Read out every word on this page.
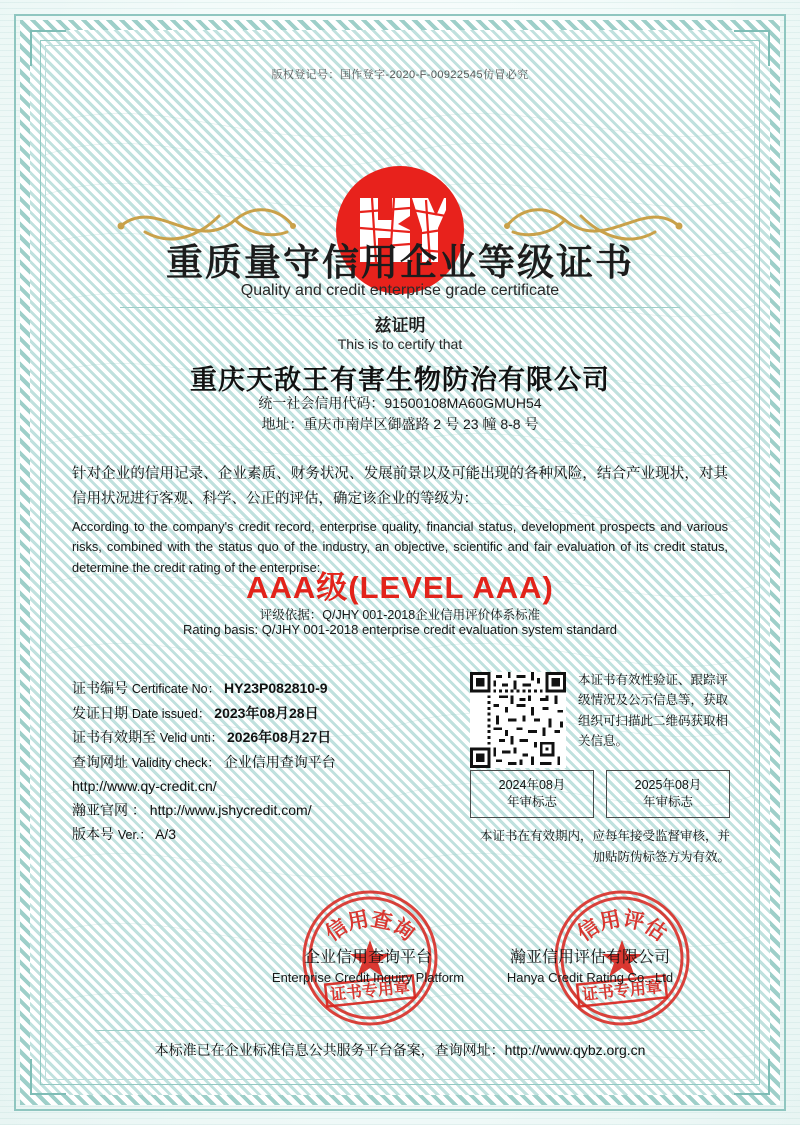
版权登记号：国作登字-2020-F-00922545仿冒必究
重质量守信用企业等级证书
Quality and credit enterprise grade certificate
兹证明
This is to certify that
重庆天敌王有害生物防治有限公司
统一社会信用代码：91500108MA60GMUH54
地址：重庆市南岸区御盛路 2 号 23 幢 8-8 号
针对企业的信用记录、企业素质、财务状况、发展前景以及可能出现的各种风险，结合产业现状，对其信用状况进行客观、科学、公正的评估，确定该企业的等级为：
According to the company's credit record, enterprise quality, financial status, development prospects and various risks, combined with the status quo of the industry, an objective, scientific and fair evaluation of its credit status, determine the credit rating of the enterprise:
AAA级(LEVEL AAA)
评级依据：Q/JHY 001-2018企业信用评价体系标准
Rating basis: Q/JHY 001-2018 enterprise credit evaluation system standard
证书编号 Certificate No： HY23P082810-9
发证日期 Date issued： 2023年08月28日
证书有效期至 Velid unti： 2026年08月27日
查询网址 Validity check： 企业信用查询平台
http://www.qy-credit.cn/
瀚亚官网 ： http://www.jshycredit.com/
版本号 Ver.： A/3
本证书有效性验证、跟踪评级情况及公示信息等，获取组织可扫描此二维码获取相关信息。
2024年08月
年审标志
2025年08月
年审标志
本证书在有效期内，应每年接受监督审核，并加贴防伪标签方为有效。
信用查询
证书专用章
信用评估
证书专用章
企业信用查询平台
Enterprise Credit Inquiry Platform
瀚亚信用评估有限公司
Hanya Credit Rating Co., Ltd
本标准已在企业标准信息公共服务平台备案，查询网址：http://www.qybz.org.cn
